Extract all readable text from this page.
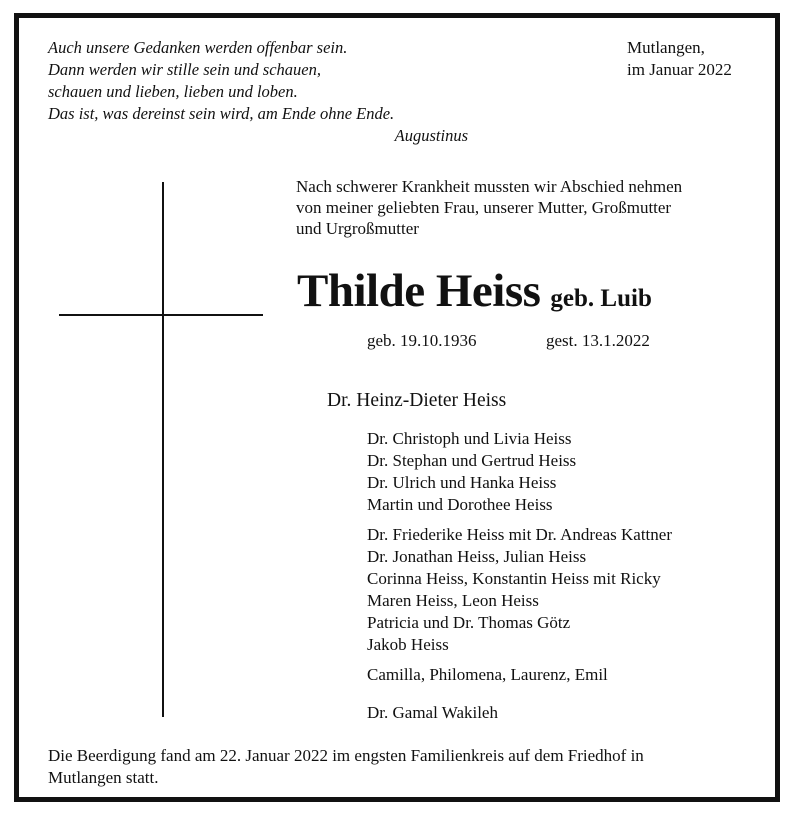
Auch unsere Gedanken werden offenbar sein.
Dann werden wir stille sein und schauen,
schauen und lieben, lieben und loben.
Das ist, was dereinst sein wird, am Ende ohne Ende.
Augustinus
Mutlangen,
im Januar 2022
Nach schwerer Krankheit mussten wir Abschied nehmen
von meiner geliebten Frau, unserer Mutter, Großmutter
und Urgroßmutter
Thilde Heiss geb. Luib
geb. 19.10.1936	gest. 13.1.2022
Dr. Heinz-Dieter Heiss
Dr. Christoph und Livia Heiss
Dr. Stephan und Gertrud Heiss
Dr. Ulrich und Hanka Heiss
Martin und Dorothee Heiss
Dr. Friederike Heiss mit Dr. Andreas Kattner
Dr. Jonathan Heiss, Julian Heiss
Corinna Heiss, Konstantin Heiss mit Ricky
Maren Heiss, Leon Heiss
Patricia und Dr. Thomas Götz
Jakob Heiss
Camilla, Philomena, Laurenz, Emil
Dr. Gamal Wakileh
Die Beerdigung fand am 22. Januar 2022 im engsten Familienkreis auf dem Friedhof in
Mutlangen statt.
